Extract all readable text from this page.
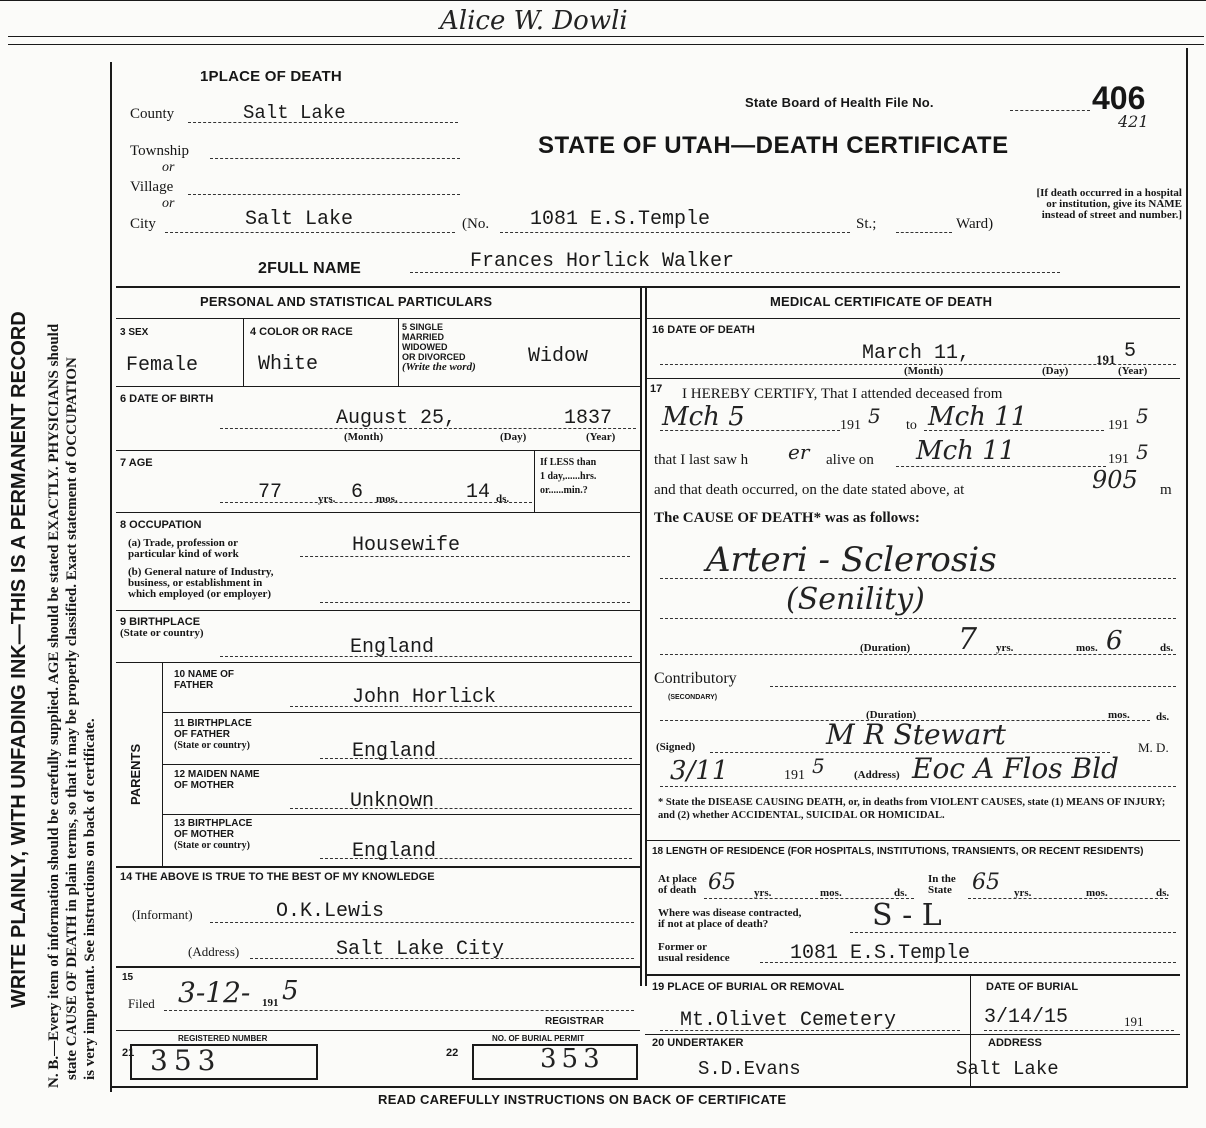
Alice W. Dowli
WRITE PLAINLY, WITH UNFADING INK—THIS IS A PERMANENT RECORD N. B.—Every item of information should be carefully supplied. AGE should be stated EXACTLY. PHYSICIANS should state CAUSE OF DEATH in plain terms, so that it may be properly classified. Exact statement of OCCUPATION is very important. See instructions on back of certificate.
1PLACE OF DEATH
State Board of Health File No.	406
421
STATE OF UTAH—DEATH CERTIFICATE
County	Salt Lake
Township
or
Village
or
City	Salt Lake	(No. 1081 E.S.Temple	St.;	Ward)
[If death occurred in a hospital or institution, give its NAME instead of street and number.]
2FULL NAME	Frances Horlick Walker
PERSONAL AND STATISTICAL PARTICULARS
3 SEX
Female
4 COLOR OR RACE
White
5 SINGLE
MARRIED
WIDOWED
OR DIVORCED
(Write the word)	Widow
6 DATE OF BIRTH
August 25,	1837
(Month)	(Day)	(Year)
7 AGE
77	yrs. 6 mos.	14 ds.
If LESS than
1 day,......hrs.
or......min.?
8 OCCUPATION
(a) Trade, profession or
particular kind of work	Housewife
(b) General nature of Industry,
business, or establishment in
which employed (or employer)
9 BIRTHPLACE
(State or country)
England
PARENTS
10 NAME OF
FATHER
John Horlick
11 BIRTHPLACE
OF FATHER
(State or country)	England
12 MAIDEN NAME
OF MOTHER
Unknown
13 BIRTHPLACE
OF MOTHER
(State or country)	England
14 THE ABOVE IS TRUE TO THE BEST OF MY KNOWLEDGE
(Informant)	O.K.Lewis
(Address)	Salt Lake City
15
Filed 3-12- 191 5
REGISTRAR
REGISTERED NUMBER
21 353	22
NO. OF BURIAL PERMIT
353
MEDICAL CERTIFICATE OF DEATH
16 DATE OF DEATH
March 11,	191 5
(Month)	(Day)	(Year)
17 I HEREBY CERTIFY, That I attended deceased from
Mch 5	191 5 to Mch 11	191 5
that I last saw h er alive on Mch 11	191 5
and that death occurred, on the date stated above, at	905 m
The CAUSE OF DEATH* was as follows:
Arteri - Sclerosis
(Senility)
(Duration) 7 yrs.	6
mos.	ds.
Contributory
(SECONDARY)
(Duration)	mos. ds.
(Signed)	M R Stewart	M. D.
3/11	191 5	(Address) Eoc A Flos Bld
* State the DISEASE CAUSING DEATH, or, in deaths from VIOLENT CAUSES, state (1) MEANS OF INJURY; and (2) whether ACCIDENTAL, SUICIDAL OR HOMICIDAL.
18 LENGTH OF RESIDENCE (FOR HOSPITALS, INSTITUTIONS, TRANSIENTS, OR RECENT RESIDENTS)
At place
of death 65 yrs.	mos.	ds.
In the
State 65 yrs.	mos.	ds.
Where was disease contracted,
if not at place of death?	S - L
Former or
usual residence	1081 E.S.Temple
19 PLACE OF BURIAL OR REMOVAL
Mt.Olivet Cemetery
DATE OF BURIAL
3/14/15	191
20 UNDERTAKER
S.D.Evans
ADDRESS
Salt Lake
READ CAREFULLY INSTRUCTIONS ON BACK OF CERTIFICATE
